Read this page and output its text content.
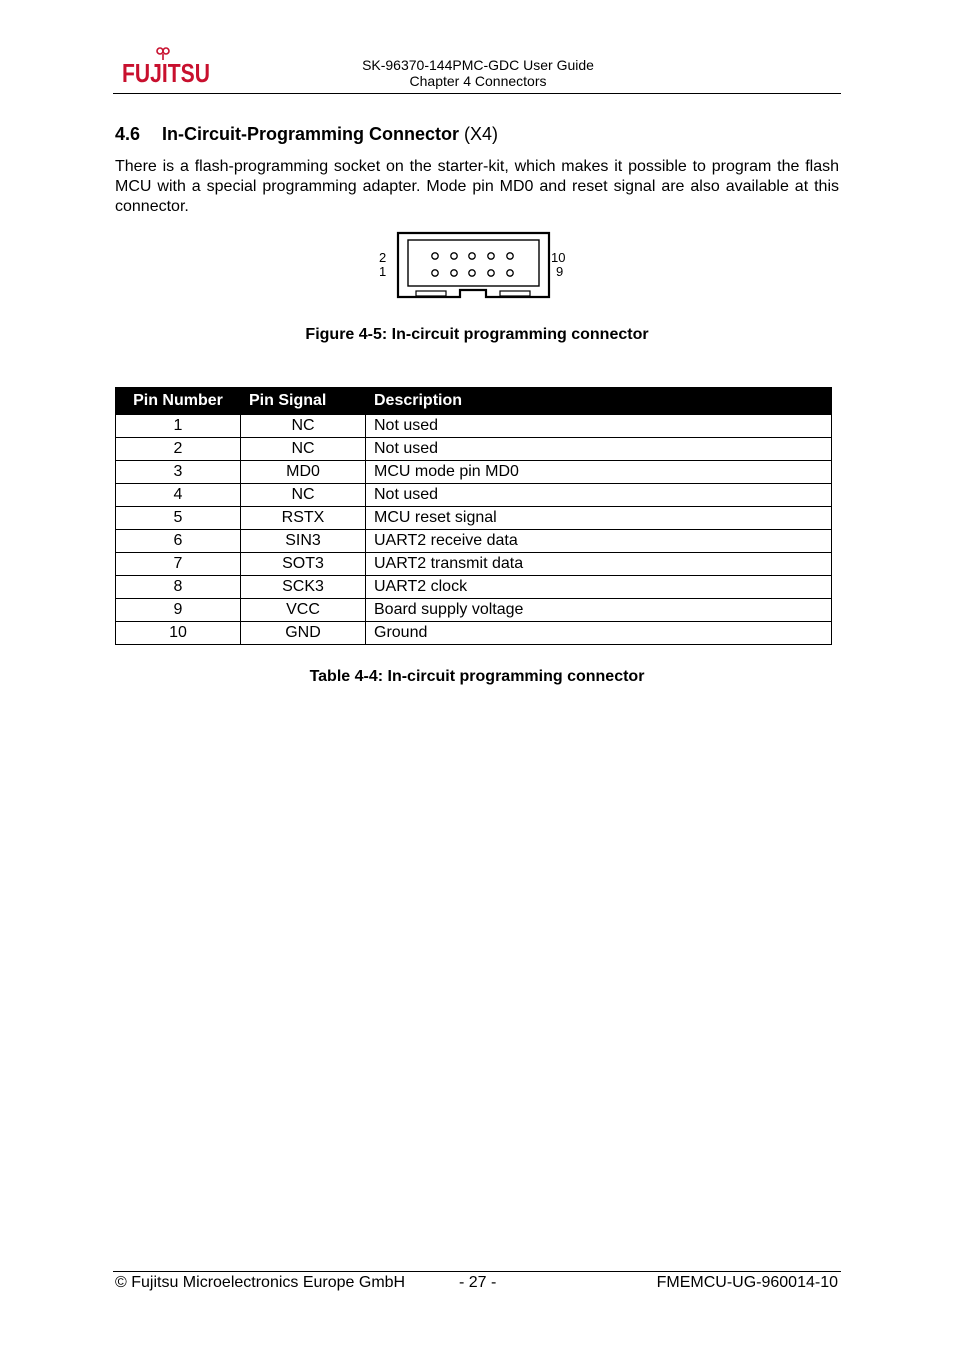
FUJITSU	SK-96370-144PMC-GDC User Guide
Chapter 4 Connectors
4.6 In-Circuit-Programming Connector (X4)

There is a flash-programming socket on the starter-kit, which makes it possible to program the flash MCU with a special programming adapter. Mode pin MD0 and reset signal are also available at this connector.

2
1
10
9
Figure 4-5: In-circuit programming connector
Pin Number	Pin Signal	Description
1	NC	Not used
2	NC	Not used
3	MD0	MCU mode pin MD0
4	NC	Not used
5	RSTX	MCU reset signal
6	SIN3	UART2 receive data
7	SOT3	UART2 transmit data
8	SCK3	UART2 clock
9	VCC	Board supply voltage
10	GND	Ground
Table 4-4: In-circuit programming connector
© Fujitsu Microelectronics Europe GmbH	- 27 -	FMEMCU-UG-960014-10
